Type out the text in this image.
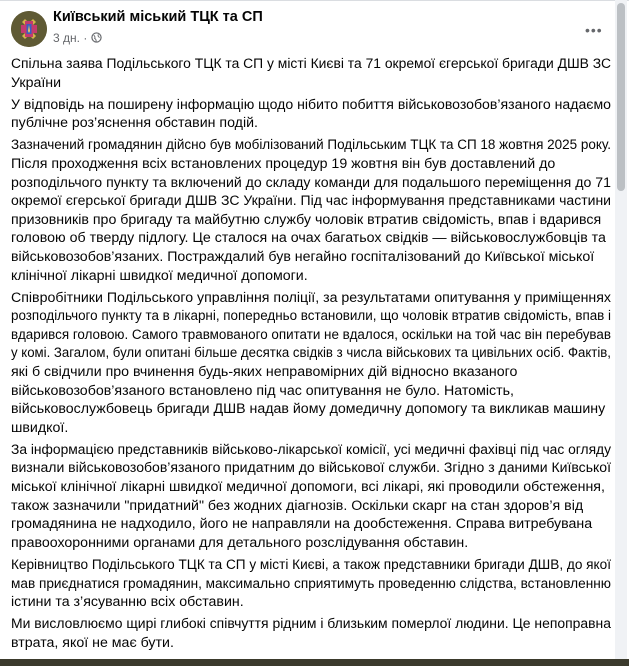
Київський міський ТЦК та СП
3 дн. ·	•••
Спільна заява Подільського ТЦК та СП у місті Києві та 71 окремої єгерської бригади ДШВ ЗС
України
У відповідь на поширену інформацію щодо нібито побиття військовозобов’язаного надаємо
публічне роз’яснення обставин подій.
Зазначений громадянин дійсно був мобілізований Подільським ТЦК та СП 18 жовтня 2025 року.
Після проходження всіх встановлених процедур 19 жовтня він був доставлений до
розподільчого пункту та включений до складу команди для подальшого переміщення до 71
окремої єгерської бригади ДШВ ЗС України. Під час інформування представниками частини
призовників про бригаду та майбутню службу чоловік втратив свідомість, впав і вдарився
головою об тверду підлогу. Це сталося на очах багатьох свідків — військовослужбовців та
військовозобов’язаних. Постраждалий був негайно госпіталізований до Київської міської
клінічної лікарні швидкої медичної допомоги.
Співробітники Подільського управління поліції, за результатами опитування у приміщеннях
розподільчого пункту та в лікарні, попередньо встановили, що чоловік втратив свідомість, впав і
вдарився головою. Самого травмованого опитати не вдалося, оскільки на той час він перебував
у комі. Загалом, були опитані більше десятка свідків з числа військових та цивільних осіб. Фактів,
які б свідчили про вчинення будь-яких неправомірних дій відносно вказаного
військовозобов’язаного встановлено під час опитування не було. Натомість,
військовослужбовець бригади ДШВ надав йому домедичну допомогу та викликав машину
швидкої.
За інформацією представників військово-лікарської комісії, усі медичні фахівці під час огляду
визнали військовозобов’язаного придатним до військової служби. Згідно з даними Київської
міської клінічної лікарні швидкої медичної допомоги, всі лікарі, які проводили обстеження,
також зазначили "придатний" без жодних діагнозів. Оскільки скарг на стан здоров’я від
громадянина не надходило, його не направляли на дообстеження. Справа витребувана
правоохоронними органами для детального розслідування обставин.
Керівництво Подільського ТЦК та СП у місті Києві, а також представники бригади ДШВ, до якої
мав приєднатися громадянин, максимально сприятимуть проведенню слідства, встановленню
істини та з’ясуванню всіх обставин.
Ми висловлюємо щирі глибокі співчуття рідним і близьким померлої людини. Це непоправна
втрата, якої не має бути.
